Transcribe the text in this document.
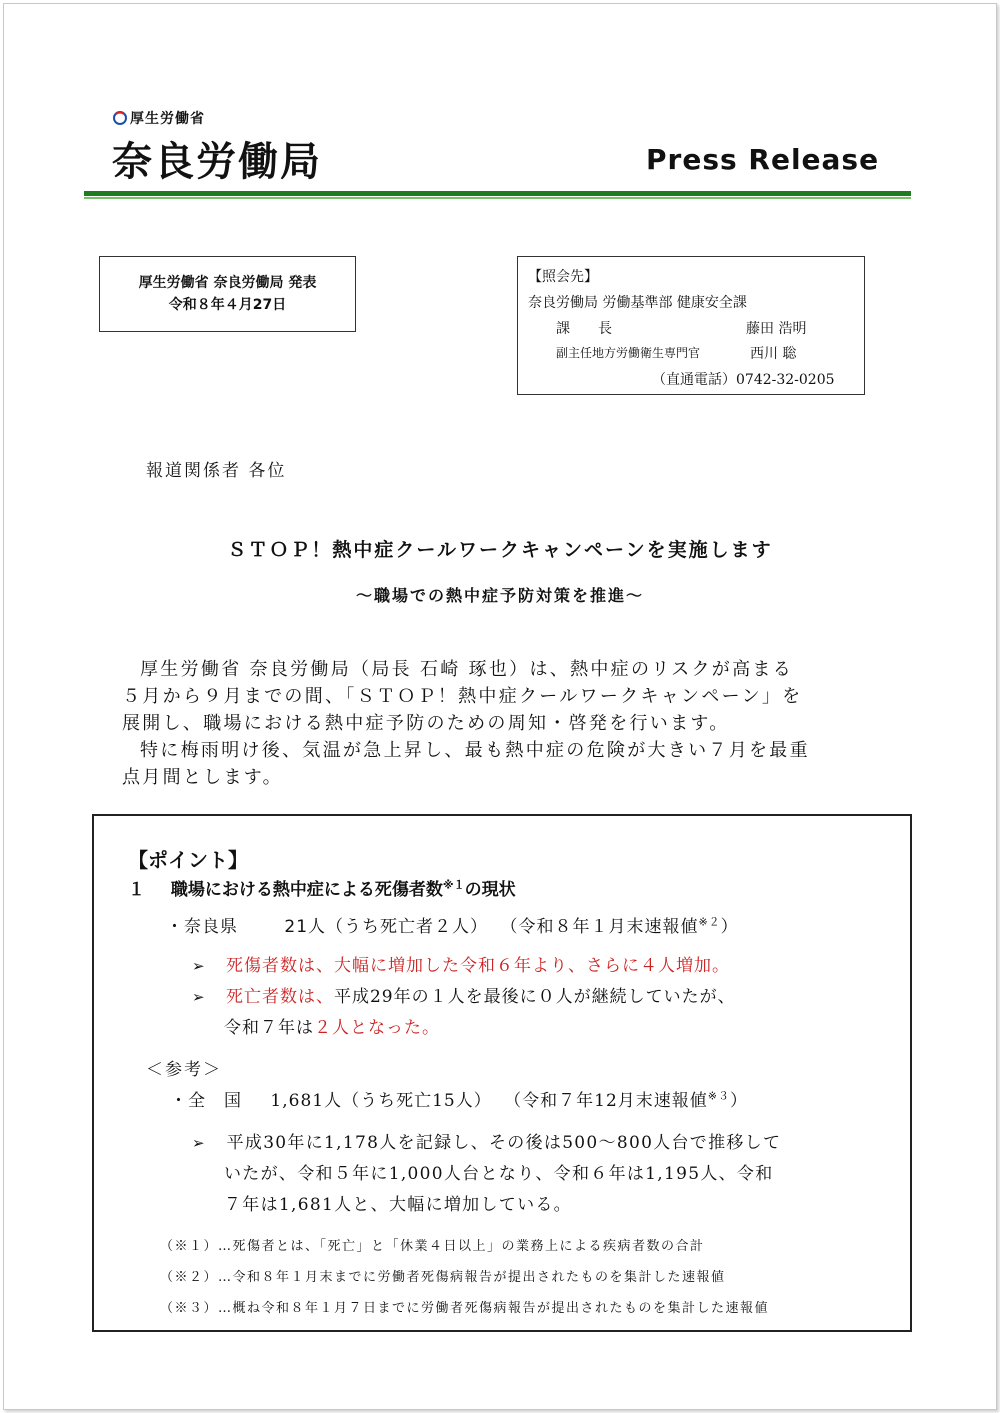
厚生労働省
奈良労働局	Press Release
厚生労働省 奈良労働局 発表
令和８年４月27日
【照会先】
奈良労働局 労働基準部 健康安全課
課　　長	藤田 浩明
副主任地方労働衛生専門官	西川 聡
（直通電話）0742-32-0205
報道関係者 各位
ＳＴＯＰ！熱中症クールワークキャンペーンを実施します
～職場での熱中症予防対策を推進～
厚生労働省 奈良労働局（局長 石崎 琢也）は、熱中症のリスクが高まる
５月から９月までの間、「ＳＴＯＰ！熱中症クールワークキャンペーン」を
展開し、職場における熱中症予防のための周知・啓発を行います。
特に梅雨明け後、気温が急上昇し、最も熱中症の危険が大きい７月を最重
点月間とします。
【ポイント】
１ 職場における熱中症による死傷者数$^{※1}$の現状
・奈良県	21人（うち死亡者２人） （令和８年１月末速報値$^{※2}$）
➢ 死傷者数は、大幅に増加した令和６年より、さらに４人増加。
➢ 死亡者数は、平成29年の１人を最後に０人が継続していたが、
令和７年は２人となった。
＜参考＞
・全　国 1,681人（うち死亡15人） （令和７年12月末速報値$^{※3}$）
➢ 平成30年に1,178人を記録し、その後は500～800人台で推移して
いたが、令和５年に1,000人台となり、令和６年は1,195人、令和
７年は1,681人と、大幅に増加している。
（※１）…死傷者とは、「死亡」と「休業４日以上」の業務上による疾病者数の合計
（※２）…令和８年１月末までに労働者死傷病報告が提出されたものを集計した速報値
（※３）…概ね令和８年１月７日までに労働者死傷病報告が提出されたものを集計した速報値
